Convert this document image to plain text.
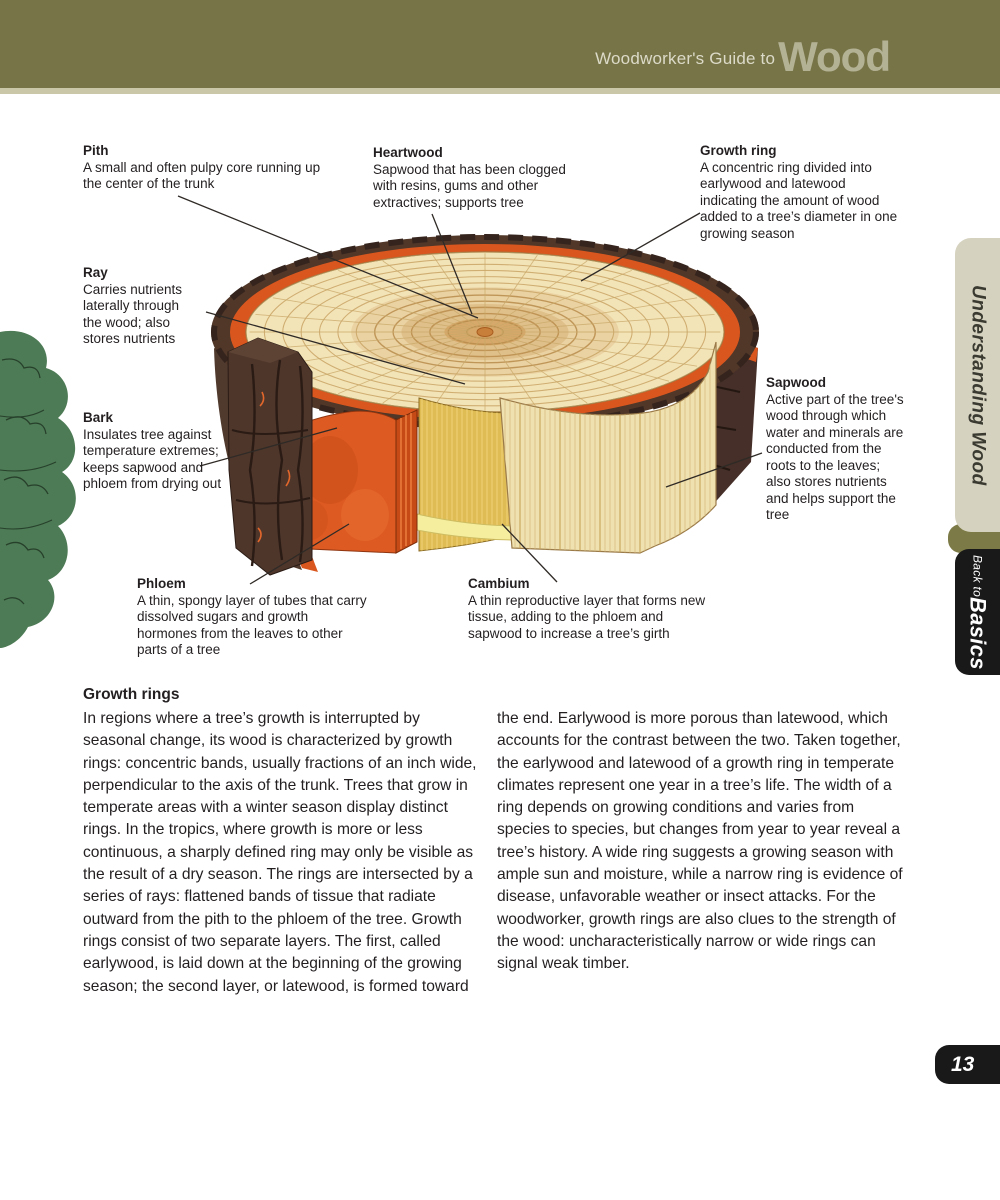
Woodworker's Guide to Wood
Pith
A small and often pulpy core running up the center of the trunk
Heartwood
Sapwood that has been clogged with resins, gums and other extractives; supports tree
Growth ring
A concentric ring divided into earlywood and latewood indicating the amount of wood added to a tree’s diameter in one growing season
Ray
Carries nutrients laterally through the wood; also stores nutrients
Bark
Insulates tree against temperature extremes; keeps sapwood and phloem from drying out
Sapwood
Active part of the tree's wood through which water and minerals are conducted from the roots to the leaves; also stores nutrients and helps support the tree
Phloem
A thin, spongy layer of tubes that carry dissolved sugars and growth hormones from the leaves to other parts of a tree
Cambium
A thin reproductive layer that forms new tissue, adding to the phloem and sapwood to increase a tree’s girth
Growth rings
In regions where a tree’s growth is interrupted by seasonal change, its wood is characterized by growth rings: concentric bands, usually fractions of an inch wide, perpendicular to the axis of the trunk. Trees that grow in temperate areas with a winter season display distinct rings. In the tropics, where growth is more or less continuous, a sharply defined ring may only be visible as the result of a dry season. The rings are intersected by a series of rays: flattened bands of tissue that radiate outward from the pith to the phloem of the tree. Growth rings consist of two separate layers. The first, called earlywood, is laid down at the beginning of the growing season; the second layer, or latewood, is formed toward
the end. Earlywood is more porous than latewood, which accounts for the contrast between the two. Taken together, the earlywood and latewood of a growth ring in temperate climates represent one year in a tree’s life. The width of a ring depends on growing conditions and varies from species to species, but changes from year to year reveal a tree’s history. A wide ring suggests a growing season with ample sun and moisture, while a narrow ring is evidence of disease, unfavorable weather or insect attacks. For the woodworker, growth rings are also clues to the strength of the wood: uncharacteristically narrow or wide rings can signal weak timber.
Understanding Wood
Back to
Basics
13
